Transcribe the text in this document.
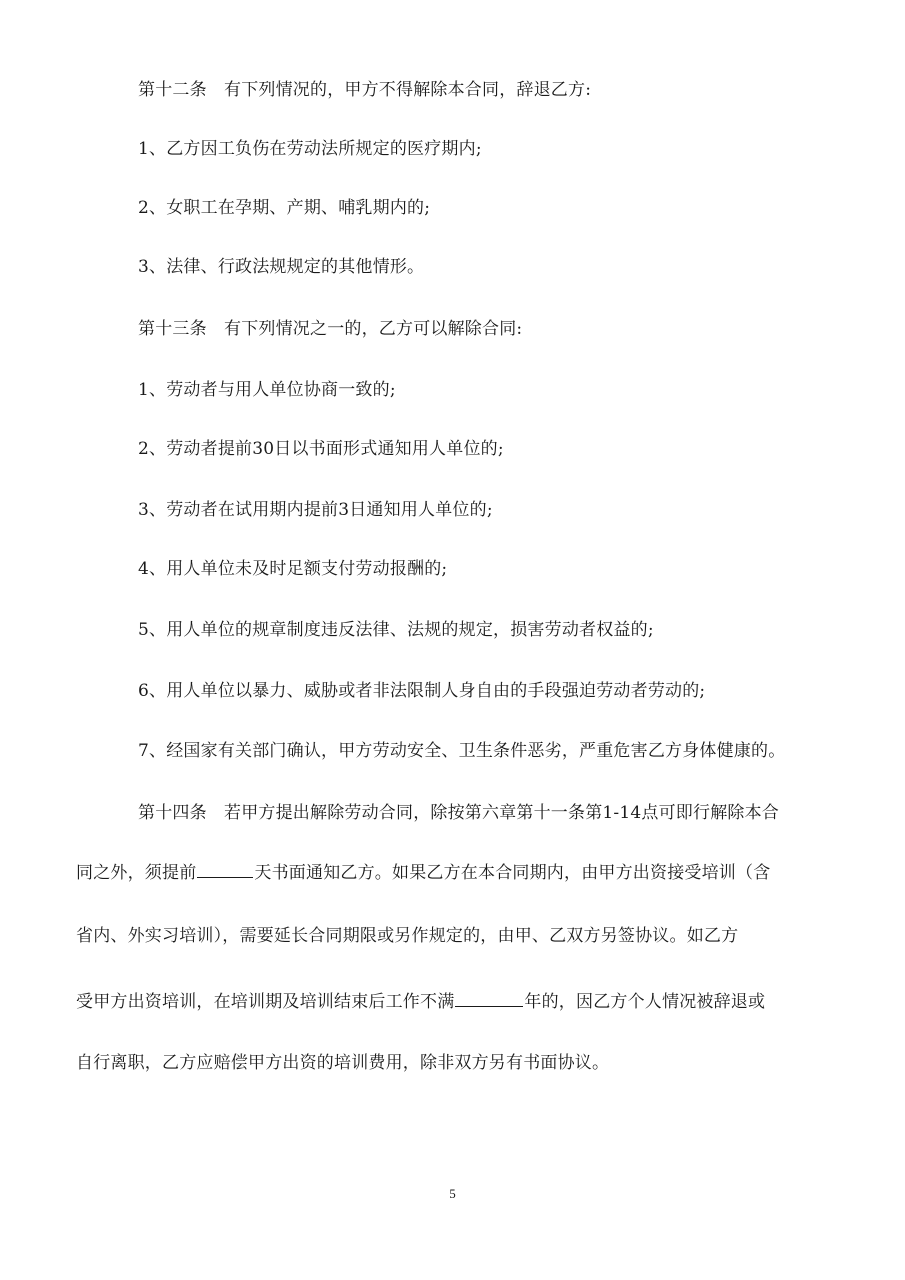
第十二条　有下列情况的，甲方不得解除本合同，辞退乙方:
1、乙方因工负伤在劳动法所规定的医疗期内;
2、女职工在孕期、产期、哺乳期内的;
3、法律、行政法规规定的其他情形。
第十三条　有下列情况之一的，乙方可以解除合同:
1、劳动者与用人单位协商一致的;
2、劳动者提前30日以书面形式通知用人单位的;
3、劳动者在试用期内提前3日通知用人单位的;
4、用人单位未及时足额支付劳动报酬的;
5、用人单位的规章制度违反法律、法规的规定，损害劳动者权益的;
6、用人单位以暴力、威胁或者非法限制人身自由的手段强迫劳动者劳动的;
7、经国家有关部门确认，甲方劳动安全、卫生条件恶劣，严重危害乙方身体健康的。
第十四条　若甲方提出解除劳动合同，除按第六章第十一条第1-14点可即行解除本合
同之外，须提前	天书面通知乙方。如果乙方在本合同期内，由甲方出资接受培训（含
省内、外实习培训），需要延长合同期限或另作规定的，由甲、乙双方另签协议。如乙方
受甲方出资培训，在培训期及培训结束后工作不满	年的，因乙方个人情况被辞退或
自行离职，乙方应赔偿甲方出资的培训费用，除非双方另有书面协议。
5
